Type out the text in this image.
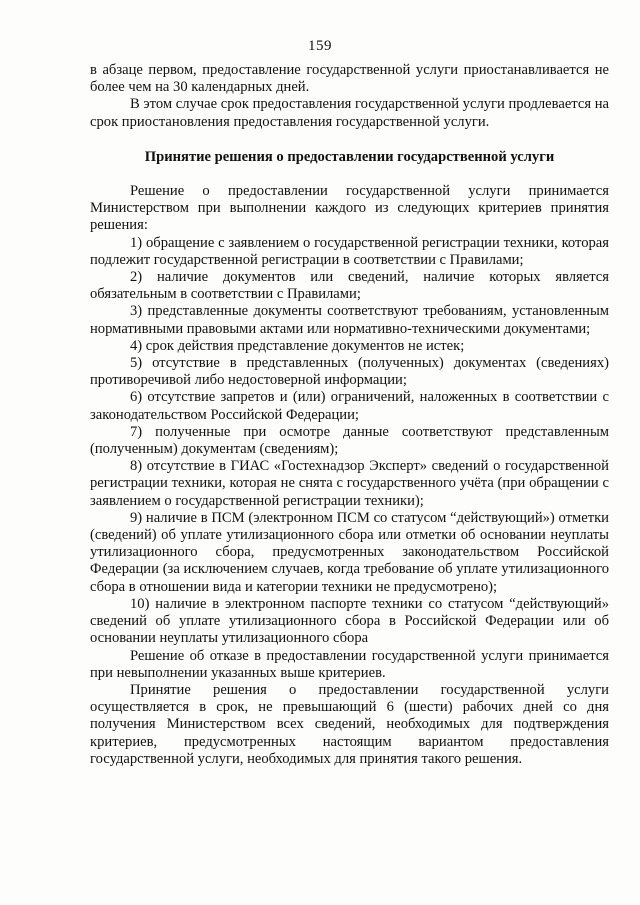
159

в абзаце первом, предоставление государственной услуги приостанавливается не более чем на 30 календарных дней.

В этом случае срок предоставления государственной услуги продлевается на срок приостановления предоставления государственной услуги.

Принятие решения о предоставлении государственной услуги

Решение о предоставлении государственной услуги принимается Министерством при выполнении каждого из следующих критериев принятия решения:

1) обращение с заявлением о государственной регистрации техники, которая подлежит государственной регистрации в соответствии с Правилами;

2) наличие документов или сведений, наличие которых является обязательным в соответствии с Правилами;

3) представленные документы соответствуют требованиям, установленным нормативными правовыми актами или нормативно-техническими документами;

4) срок действия представление документов не истек;

5) отсутствие в представленных (полученных) документах (сведениях) противоречивой либо недостоверной информации;

6) отсутствие запретов и (или) ограничений, наложенных в соответствии с законодательством Российской Федерации;

7) полученные при осмотре данные соответствуют представленным (полученным) документам (сведениям);

8) отсутствие в ГИАС «Гостехнадзор Эксперт» сведений о государственной регистрации техники, которая не снята с государственного учёта (при обращении с заявлением о государственной регистрации техники);

9) наличие в ПСМ (электронном ПСМ со статусом “действующий») отметки (сведений) об уплате утилизационного сбора или отметки об основании неуплаты утилизационного сбора, предусмотренных законодательством Российской Федерации (за исключением случаев, когда требование об уплате утилизационного сбора в отношении вида и категории техники не предусмотрено);

10) наличие в электронном паспорте техники со статусом “действующий» сведений об уплате утилизационного сбора в Российской Федерации или об основании неуплаты утилизационного сбора

Решение об отказе в предоставлении государственной услуги принимается при невыполнении указанных выше критериев.

Принятие решения о предоставлении государственной услуги осуществляется в срок, не превышающий 6 (шести) рабочих дней со дня получения Министерством всех сведений, необходимых для подтверждения критериев, предусмотренных настоящим вариантом предоставления государственной услуги, необходимых для принятия такого решения.
